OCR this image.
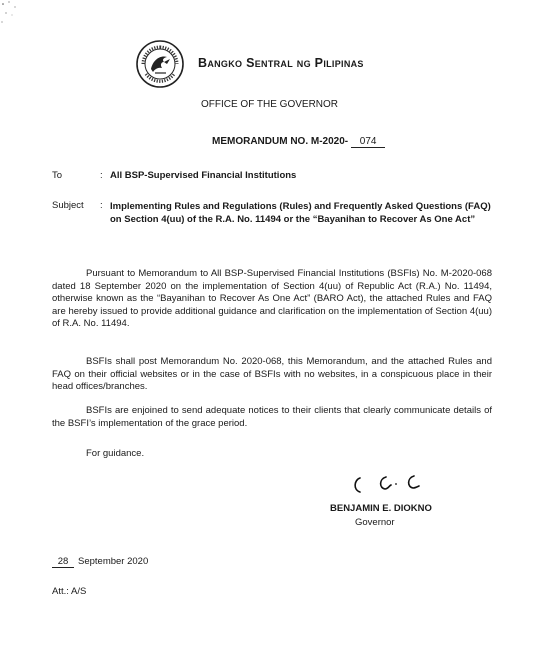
Bangko Sentral ng Pilipinas
OFFICE OF THE GOVERNOR
MEMORANDUM NO. M-2020- 074
To	: All BSP-Supervised Financial Institutions
Subject : Implementing Rules and Regulations (Rules) and Frequently Asked Questions (FAQ) on Section 4(uu) of the R.A. No. 11494 or the “Bayanihan to Recover As One Act”
Pursuant to Memorandum to All BSP-Supervised Financial Institutions (BSFIs) No. M-2020-068 dated 18 September 2020 on the implementation of Section 4(uu) of Republic Act (R.A.) No. 11494, otherwise known as the “Bayanihan to Recover As One Act” (BARO Act), the attached Rules and FAQ are hereby issued to provide additional guidance and clarification on the implementation of Section 4(uu) of R.A. No. 11494.
BSFIs shall post Memorandum No. 2020-068, this Memorandum, and the attached Rules and FAQ on their official websites or in the case of BSFIs with no websites, in a conspicuous place in their head offices/branches.
BSFIs are enjoined to send adequate notices to their clients that clearly communicate details of the BSFI’s implementation of the grace period.
For guidance.
BENJAMIN E. DIOKNO
Governor
28 September 2020
Att.: A/S
